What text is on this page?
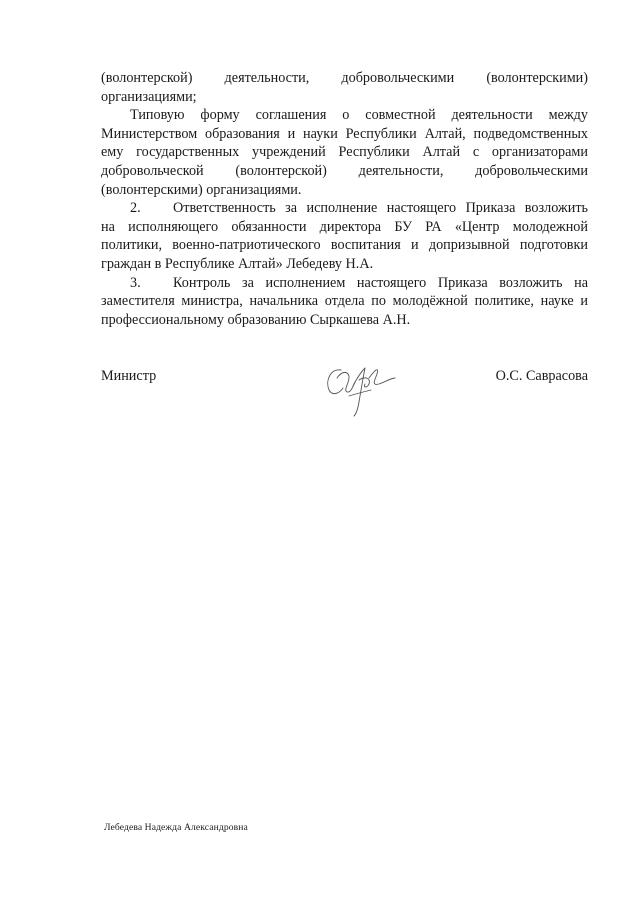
(волонтерской) деятельности, добровольческими (волонтерскими)
организациями;
Типовую форму соглашения о совместной деятельности между
Министерством образования и науки Республики Алтай, подведомственных
ему государственных учреждений Республики Алтай с организаторами
добровольческой (волонтерской) деятельности, добровольческими
(волонтерскими) организациями.
2. Ответственность за исполнение настоящего Приказа возложить
на исполняющего обязанности директора БУ РА «Центр молодежной
политики, военно-патриотического воспитания и допризывной подготовки
граждан в Республике Алтай» Лебедеву Н.А.
3. Контроль за исполнением настоящего Приказа возложить на
заместителя министра, начальника отдела по молодёжной политике, науке и
профессиональному образованию Сыркашева А.Н.
Министр	О.С. Саврасова
Лебедева Надежда Александровна
